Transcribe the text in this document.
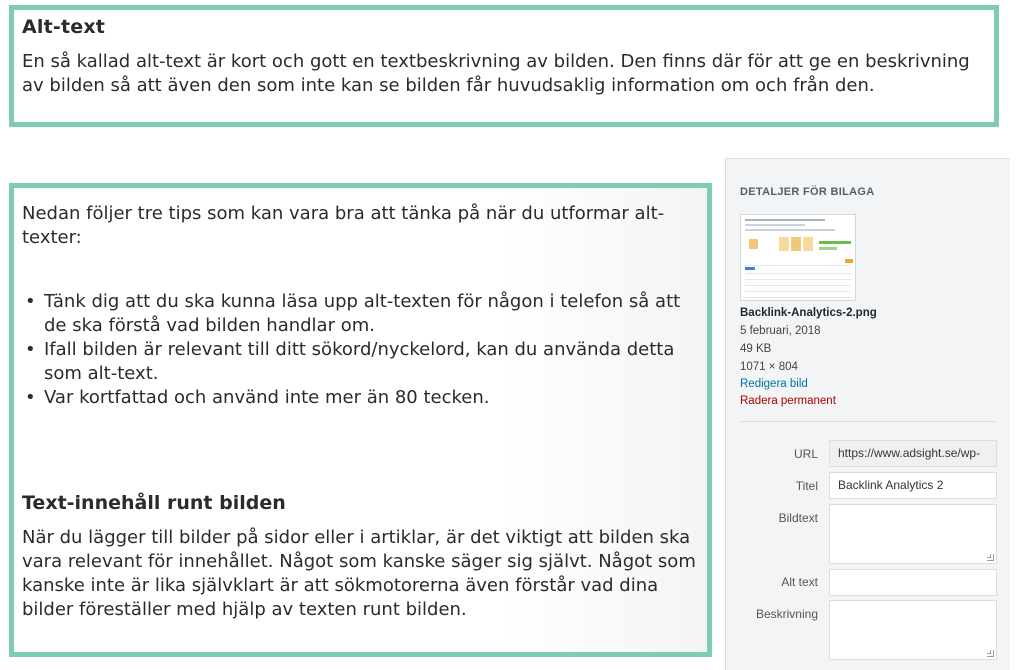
Alt-text

En så kallad alt-text är kort och gott en textbeskrivning av bilden. Den finns där för att ge en beskrivning av bilden så att även den som inte kan se bilden får huvudsaklig information om och från den.

Nedan följer tre tips som kan vara bra att tänka på när du utformar alt-texter:

• Tänk dig att du ska kunna läsa upp alt-texten för någon i telefon så att de ska förstå vad bilden handlar om.
• Ifall bilden är relevant till ditt sökord/nyckelord, kan du använda detta som alt-text.
• Var kortfattad och använd inte mer än 80 tecken.
Text-innehåll runt bilden

När du lägger till bilder på sidor eller i artiklar, är det viktigt att bilden ska vara relevant för innehållet. Något som kanske säger sig självt. Något som kanske inte är lika självklart är att sökmotorerna även förstår vad dina bilder föreställer med hjälp av texten runt bilden.

DETALJER FÖR BILAGA
Backlink-Analytics-2.png
5 februari, 2018
49 KB
1071 × 804
Redigera bild
Radera permanent
URL	https://www.adsight.se/wp-
Titel	Backlink Analytics 2
Bildtext
Alt text
Beskrivning
